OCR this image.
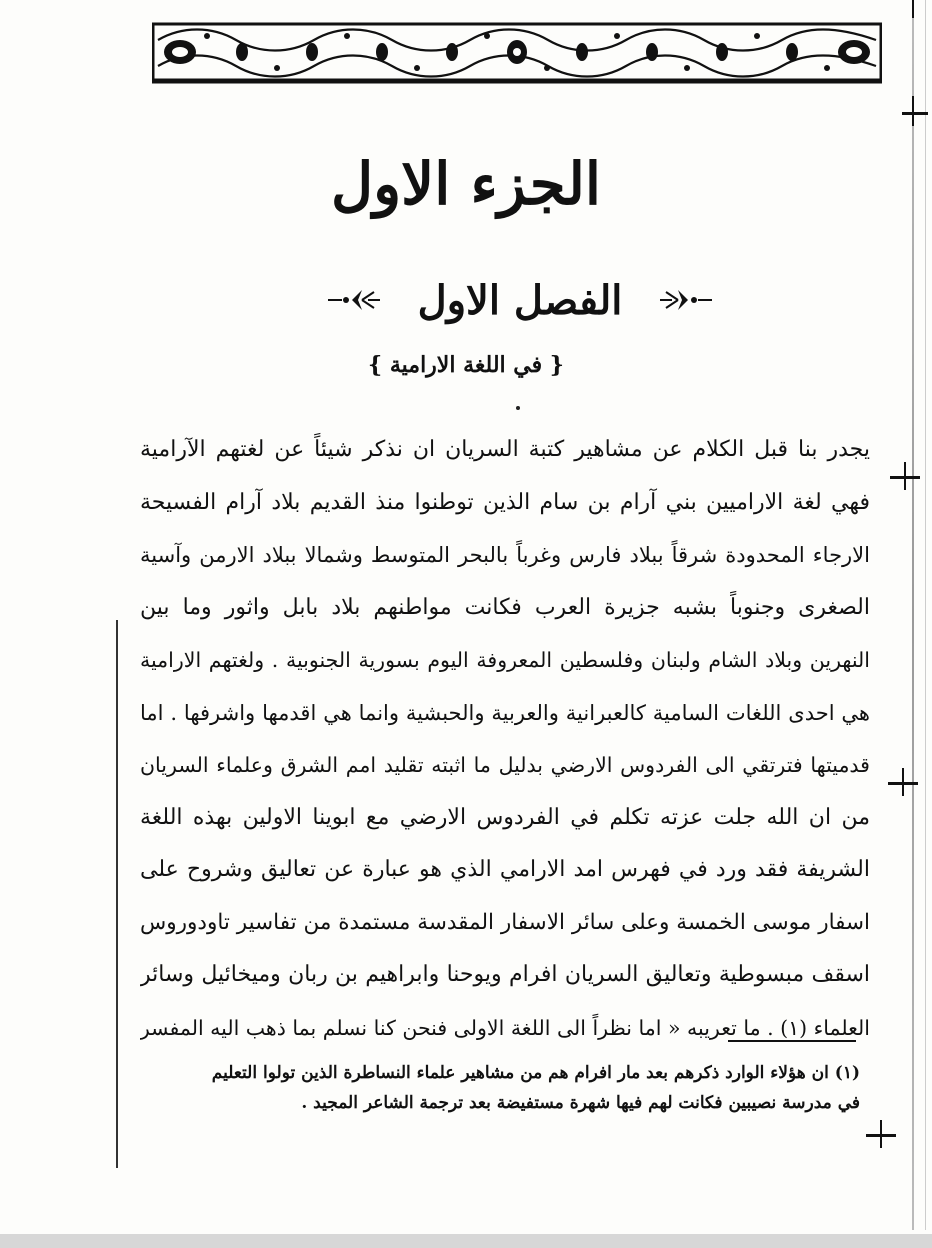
الجزء الاول
الفصل الاول
{ في اللغة الارامية }
يجدر بنا قبل الكلام عن مشاهير كتبة السريان ان نذكر شيئاً عن لغتهم الآرامية
فهي لغة الاراميين بني آرام بن سام الذين توطنوا منذ القديم بلاد آرام الفسيحة
الارجاء المحدودة شرقاً ببلاد فارس وغرباً بالبحر المتوسط وشمالا ببلاد الارمن وآسية
الصغرى وجنوباً بشبه جزيرة العرب فكانت مواطنهم بلاد بابل واثور وما بين
النهرين وبلاد الشام ولبنان وفلسطين المعروفة اليوم بسورية الجنوبية . ولغتهم الارامية
هي احدى اللغات السامية كالعبرانية والعربية والحبشية وانما هي اقدمها واشرفها . اما
قدميتها فترتقي الى الفردوس الارضي بدليل ما اثبته تقليد امم الشرق وعلماء السريان
من ان الله جلت عزته تكلم في الفردوس الارضي مع ابوينا الاولين بهذه اللغة
الشريفة فقد ورد في فهرس امد الارامي الذي هو عبارة عن تعاليق وشروح على
اسفار موسى الخمسة وعلى سائر الاسفار المقدسة مستمدة من تفاسير تاودوروس
اسقف مبسوطية وتعاليق السريان افرام ويوحنا وابراهيم بن ربان وميخائيل وسائر
العلماء (١) . ما تعريبه « اما نظراً الى اللغة الاولى فنحن كنا نسلم بما ذهب اليه المفسر
(١) ان هؤلاء الوارد ذكرهم بعد مار افرام هم من مشاهير علماء النساطرة الذين تولوا التعليم
في مدرسة نصيبين فكانت لهم فيها شهرة مستفيضة بعد ترجمة الشاعر المجيد .
